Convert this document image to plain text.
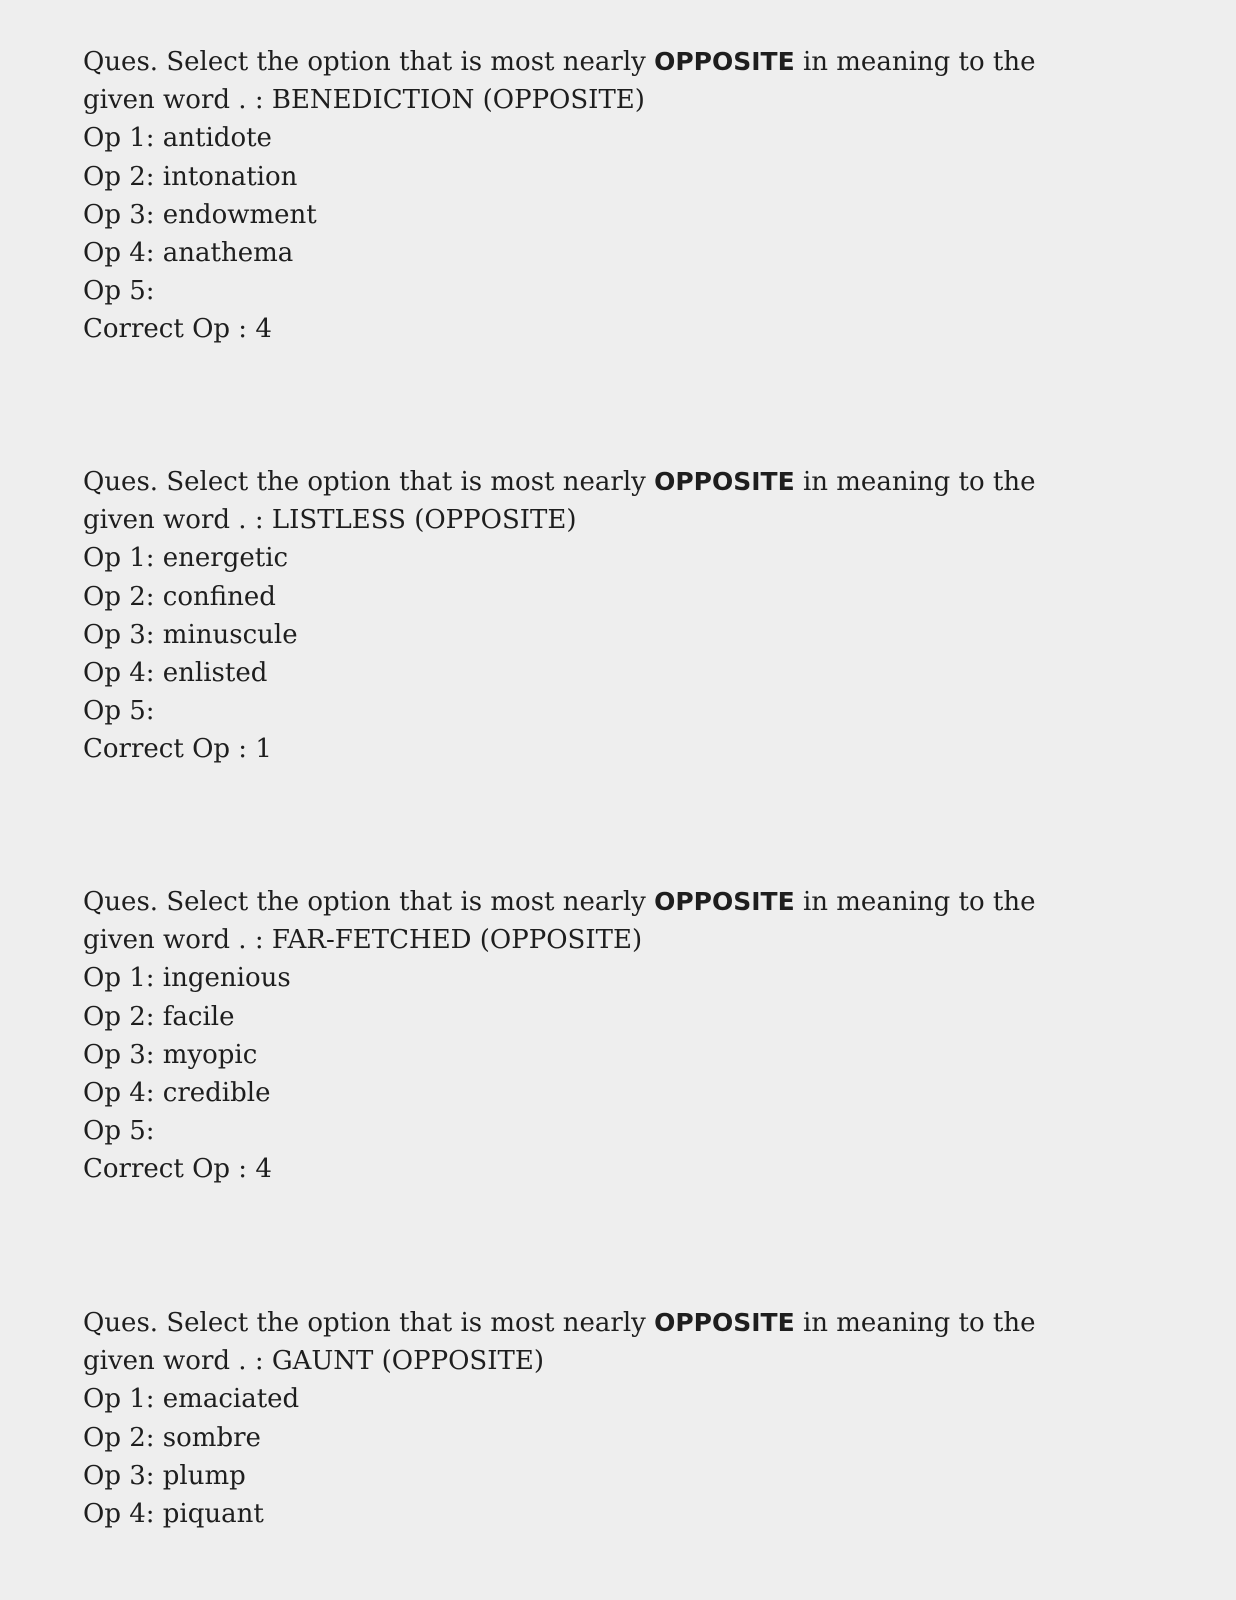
Ques. Select the option that is most nearly OPPOSITE in meaning to the
given word . : BENEDICTION (OPPOSITE)
Op 1: antidote
Op 2: intonation
Op 3: endowment
Op 4: anathema
Op 5:
Correct Op : 4
Ques. Select the option that is most nearly OPPOSITE in meaning to the
given word . : LISTLESS (OPPOSITE)
Op 1: energetic
Op 2: confined
Op 3: minuscule
Op 4: enlisted
Op 5:
Correct Op : 1
Ques. Select the option that is most nearly OPPOSITE in meaning to the
given word . : FAR-FETCHED (OPPOSITE)
Op 1: ingenious
Op 2: facile
Op 3: myopic
Op 4: credible
Op 5:
Correct Op : 4
Ques. Select the option that is most nearly OPPOSITE in meaning to the
given word . : GAUNT (OPPOSITE)
Op 1: emaciated
Op 2: sombre
Op 3: plump
Op 4: piquant
